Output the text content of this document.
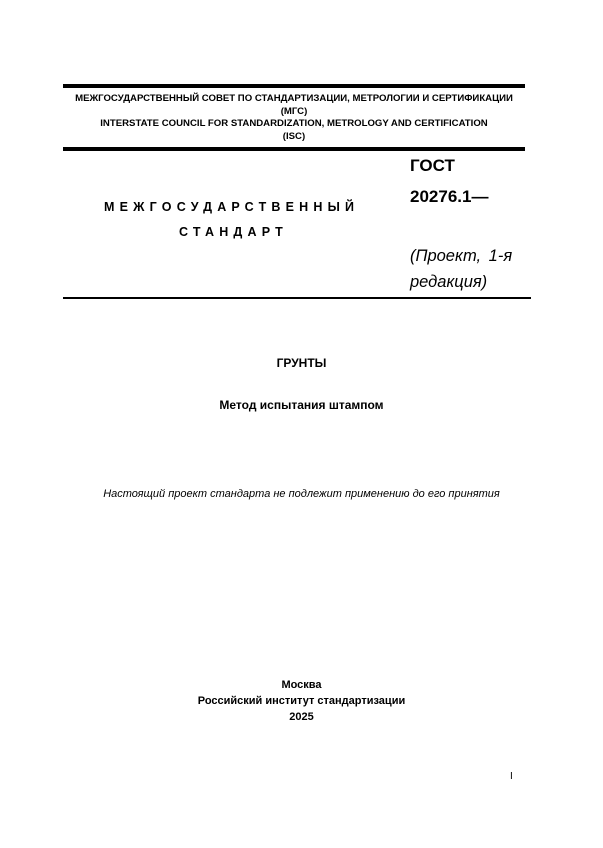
МЕЖГОСУДАРСТВЕННЫЙ СОВЕТ ПО СТАНДАРТИЗАЦИИ, МЕТРОЛОГИИ И СЕРТИФИКАЦИИ
(МГС)
INTERSTATE COUNCIL FOR STANDARDIZATION, METROLOGY AND CERTIFICATION
(ISC)
МЕЖГОСУДАРСТВЕННЫЙ
СТАНДАРТ
ГОСТ
20276.1—
(Проект, 1-я
редакция)
ГРУНТЫ
Метод испытания штампом
Настоящий проект стандарта не подлежит применению до его принятия
Москва
Российский институт стандартизации
2025
I
